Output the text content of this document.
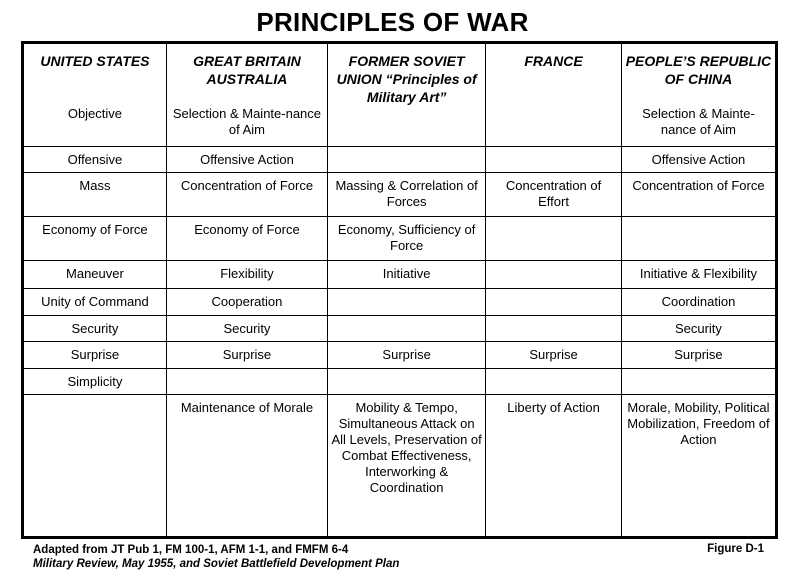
PRINCIPLES OF WAR
UNITED STATES	GREAT BRITAIN AUSTRALIA	FORMER SOVIET UNION “Principles of Military Art”	FRANCE	PEOPLE’S REPUBLIC OF CHINA
Objective	Selection & Mainte-nance of Aim			Selection & Mainte-nance of Aim
Offensive	Offensive Action			Offensive Action
Mass	Concentration of Force	Massing & Correlation of Forces	Concentration of Effort	Concentration of Force
Economy of Force	Economy of Force	Economy, Sufficiency of Force		
Maneuver	Flexibility	Initiative		Initiative & Flexibility
Unity of Command	Cooperation			Coordination
Security	Security			Security
Surprise	Surprise	Surprise	Surprise	Surprise
Simplicity				
	Maintenance of Morale	Mobility & Tempo, Simultaneous Attack on All Levels, Preservation of Combat Effectiveness, Interworking & Coordination	Liberty of Action	Morale, Mobility, Political Mobilization, Freedom of Action
Adapted from JT Pub 1, FM 100-1, AFM 1-1, and FMFM 6-4
Military Review, May 1955, and Soviet Battlefield Development Plan
Figure D-1
